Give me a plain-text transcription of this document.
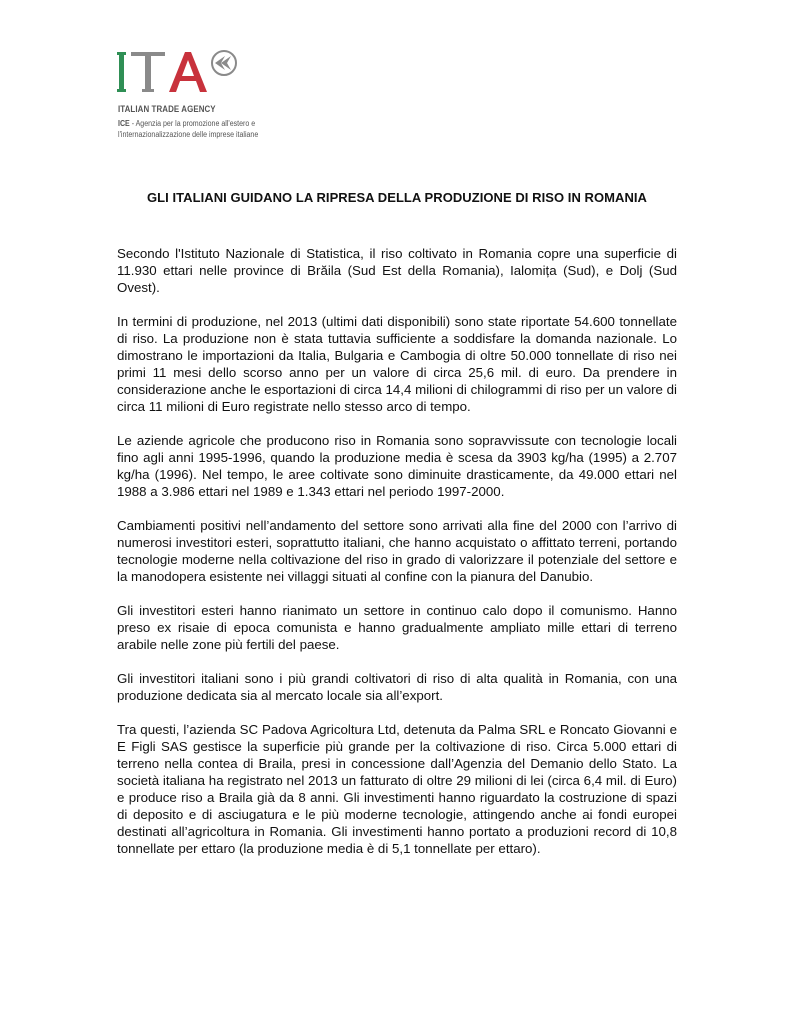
ITALIAN TRADE AGENCY
ICE - Agenzia per la promozione all'estero e
l'internazionalizzazione delle imprese italiane
GLI ITALIANI GUIDANO LA RIPRESA DELLA PRODUZIONE DI RISO IN ROMANIA

Secondo l'Istituto Nazionale di Statistica, il riso coltivato in Romania copre una superficie di 11.930 ettari nelle province di Brăila (Sud Est della Romania), Ialomița (Sud), e Dolj (Sud Ovest).

In termini di produzione, nel 2013 (ultimi dati disponibili) sono state riportate 54.600 tonnellate di riso. La produzione non è stata tuttavia sufficiente a soddisfare la domanda nazionale. Lo dimostrano le importazioni da Italia, Bulgaria e Cambogia di oltre 50.000 tonnellate di riso nei primi 11 mesi dello scorso anno per un valore di circa 25,6 mil. di euro. Da prendere in considerazione anche le esportazioni di circa 14,4 milioni di chilogrammi di riso per un valore di circa 11 milioni di Euro registrate nello stesso arco di tempo.

Le aziende agricole che producono riso in Romania sono sopravvissute con tecnologie locali fino agli anni 1995-1996, quando la produzione media è scesa da 3903 kg/ha (1995) a 2.707 kg/ha (1996). Nel tempo, le aree coltivate sono diminuite drasticamente, da 49.000 ettari nel 1988 a 3.986 ettari nel 1989 e 1.343 ettari nel periodo 1997-2000.

Cambiamenti positivi nell’andamento del settore sono arrivati alla fine del 2000 con l’arrivo di numerosi investitori esteri, soprattutto italiani, che hanno acquistato o affittato terreni, portando tecnologie moderne nella coltivazione del riso in grado di valorizzare il potenziale del settore e la manodopera esistente nei villaggi situati al confine con la pianura del Danubio.

Gli investitori esteri hanno rianimato un settore in continuo calo dopo il comunismo. Hanno preso ex risaie di epoca comunista e hanno gradualmente ampliato mille ettari di terreno arabile nelle zone più fertili del paese.

Gli investitori italiani sono i più grandi coltivatori di riso di alta qualità in Romania, con una produzione dedicata sia al mercato locale sia all’export.

Tra questi, l’azienda SC Padova Agricoltura Ltd, detenuta da Palma SRL e Roncato Giovanni e E Figli SAS gestisce la superficie più grande per la coltivazione di riso. Circa 5.000 ettari di terreno nella contea di Braila, presi in concessione dall’Agenzia del Demanio dello Stato. La società italiana ha registrato nel 2013 un fatturato di oltre 29 milioni di lei (circa 6,4 mil. di Euro) e produce riso a Braila già da 8 anni. Gli investimenti hanno riguardato la costruzione di spazi di deposito e di asciugatura e le più moderne tecnologie, attingendo anche ai fondi europei destinati all’agricoltura in Romania. Gli investimenti hanno portato a produzioni record di 10,8 tonnellate per ettaro (la produzione media è di 5,1 tonnellate per ettaro).
